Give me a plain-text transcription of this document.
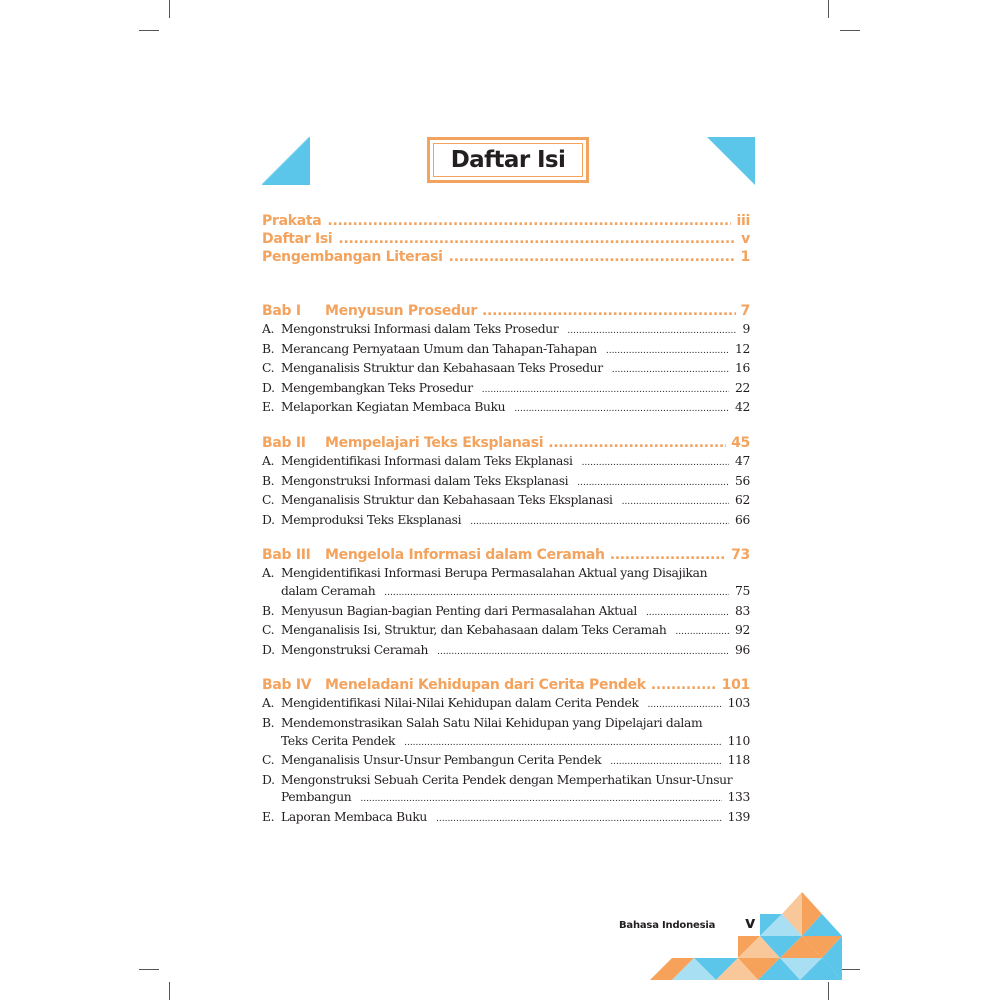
Daftar Isi
Prakata .....	iii
Daftar Isi .....	v
Pengembangan Literasi .....	1
Bab I	Menyusun Prosedur .....	7
A. Mengonstruksi Informasi dalam Teks Prosedur .....	9
B. Merancang Pernyataan Umum dan Tahapan-Tahapan .....	12
C. Menganalisis Struktur dan Kebahasaan Teks Prosedur .....	16
D. Mengembangkan Teks Prosedur .....	22
E. Melaporkan Kegiatan Membaca Buku .....	42
Bab II	Mempelajari Teks Eksplanasi .....	45
A. Mengidentifikasi Informasi dalam Teks Ekplanasi .....	47
B. Mengonstruksi Informasi dalam Teks Eksplanasi .....	56
C. Menganalisis Struktur dan Kebahasaan Teks Eksplanasi .....	62
D. Memproduksi Teks Eksplanasi .....	66
Bab III	Mengelola Informasi dalam Ceramah .....	73
A. Mengidentifikasi Informasi Berupa Permasalahan Aktual yang Disajikan
dalam Ceramah .....	75
B. Menyusun Bagian-bagian Penting dari Permasalahan Aktual .....	83
C. Menganalisis Isi, Struktur, dan Kebahasaan dalam Teks Ceramah .....	92
D. Mengonstruksi Ceramah .....	96
Bab IV Meneladani Kehidupan dari Cerita Pendek .....	101
A. Mengidentifikasi Nilai-Nilai Kehidupan dalam Cerita Pendek .....	103
B. Mendemonstrasikan Salah Satu Nilai Kehidupan yang Dipelajari dalam
Teks Cerita Pendek .....	110
C. Menganalisis Unsur-Unsur Pembangun Cerita Pendek .....	118
D. Mengonstruksi Sebuah Cerita Pendek dengan Memperhatikan Unsur-Unsur
Pembangun .....	133
E. Laporan Membaca Buku .....	139
Bahasa Indonesia v
